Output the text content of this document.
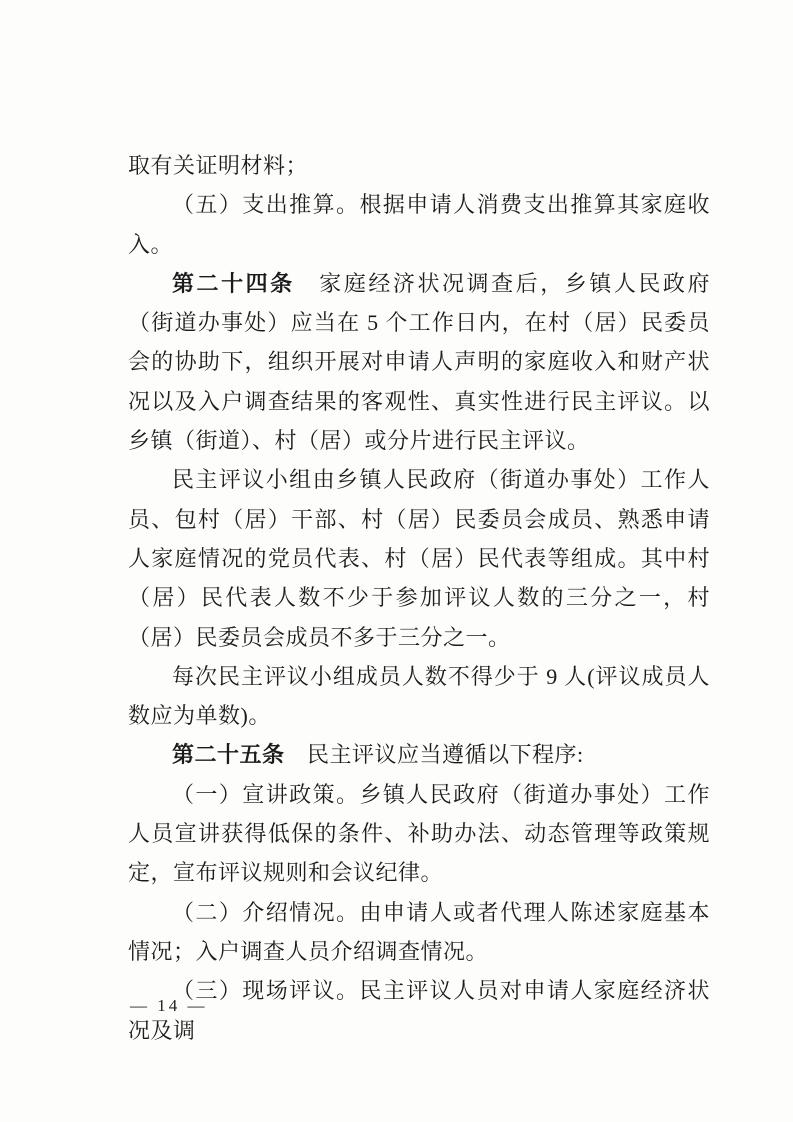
取有关证明材料；

（五）支出推算。根据申请人消费支出推算其家庭收入。

第二十四条　家庭经济状况调查后，乡镇人民政府（街道办事处）应当在 5 个工作日内，在村（居）民委员会的协助下，组织开展对申请人声明的家庭收入和财产状况以及入户调查结果的客观性、真实性进行民主评议。以乡镇（街道）、村（居）或分片进行民主评议。

民主评议小组由乡镇人民政府（街道办事处）工作人员、包村（居）干部、村（居）民委员会成员、熟悉申请人家庭情况的党员代表、村（居）民代表等组成。其中村（居）民代表人数不少于参加评议人数的三分之一，村（居）民委员会成员不多于三分之一。

每次民主评议小组成员人数不得少于 9 人(评议成员人数应为单数)。

第二十五条　民主评议应当遵循以下程序:

（一）宣讲政策。乡镇人民政府（街道办事处）工作人员宣讲获得低保的条件、补助办法、动态管理等政策规定，宣布评议规则和会议纪律。

（二）介绍情况。由申请人或者代理人陈述家庭基本情况；入户调查人员介绍调查情况。

（三）现场评议。民主评议人员对申请人家庭经济状况及调

— 14 —
